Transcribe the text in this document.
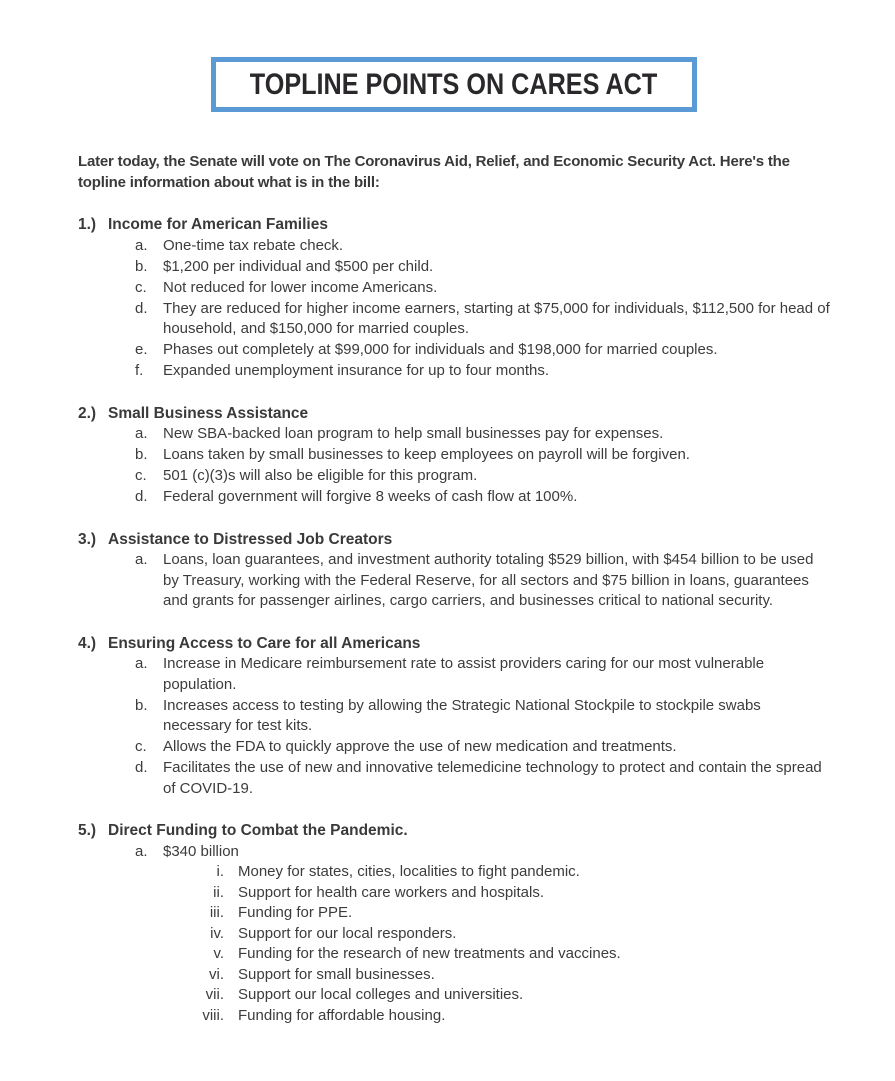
TOPLINE POINTS ON CARES ACT

Later today, the Senate will vote on The Coronavirus Aid, Relief, and Economic Security Act. Here's the topline information about what is in the bill:

1.) Income for American Families
a.	One-time tax rebate check.
b.	$1,200 per individual and $500 per child.
c.	Not reduced for lower income Americans.
d.	They are reduced for higher income earners, starting at $75,000 for individuals, $112,500 for head of household, and $150,000 for married couples.
e.	Phases out completely at $99,000 for individuals and $198,000 for married couples.
f.	Expanded unemployment insurance for up to four months.
2.) Small Business Assistance
a.	New SBA-backed loan program to help small businesses pay for expenses.
b.	Loans taken by small businesses to keep employees on payroll will be forgiven.
c.	501 (c)(3)s will also be eligible for this program.
d.	Federal government will forgive 8 weeks of cash flow at 100%.
3.) Assistance to Distressed Job Creators
a.	Loans, loan guarantees, and investment authority totaling $529 billion, with $454 billion to be used by Treasury, working with the Federal Reserve, for all sectors and $75 billion in loans, guarantees and grants for passenger airlines, cargo carriers, and businesses critical to national security.
4.) Ensuring Access to Care for all Americans
a.	Increase in Medicare reimbursement rate to assist providers caring for our most vulnerable population.
b.	Increases access to testing by allowing the Strategic National Stockpile to stockpile swabs necessary for test kits.
c.	Allows the FDA to quickly approve the use of new medication and treatments.
d.	Facilitates the use of new and innovative telemedicine technology to protect and contain the spread of COVID-19.
5.) Direct Funding to Combat the Pandemic.
a.	$340 billion
i. Money for states, cities, localities to fight pandemic.
ii. Support for health care workers and hospitals.
iii. Funding for PPE.
iv. Support for our local responders.
v. Funding for the research of new treatments and vaccines.
vi. Support for small businesses.
vii. Support our local colleges and universities.
viii. Funding for affordable housing.
